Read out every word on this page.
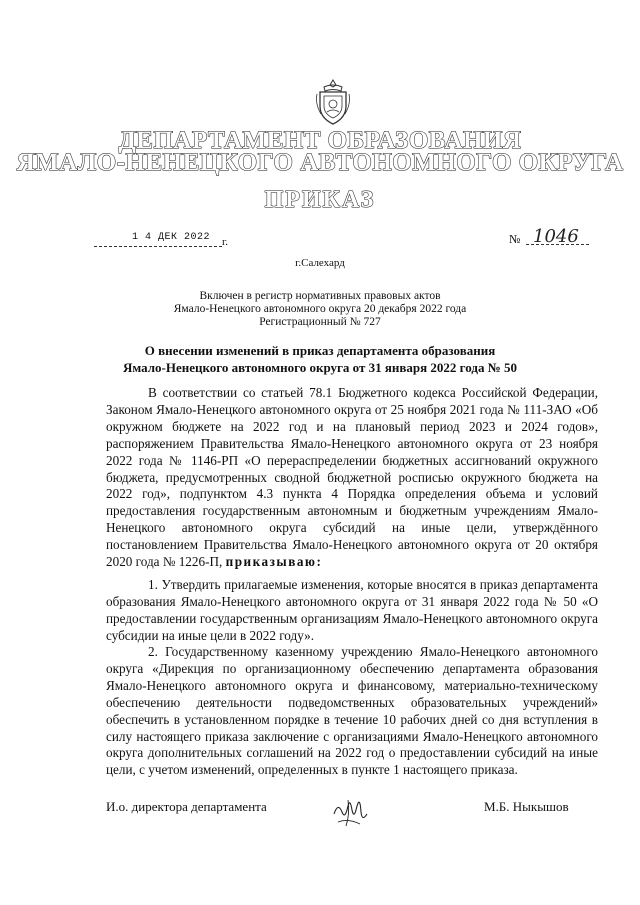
ДЕПАРТАМЕНТ ОБРАЗОВАНИЯ
ЯМАЛО-НЕНЕЦКОГО АВТОНОМНОГО ОКРУГА
ПРИКАЗ
1 4 ДЕК 2022 г.	№ 1046
г.Салехард
Включен в регистр нормативных правовых актов
Ямало-Ненецкого автономного округа 20 декабря 2022 года
Регистрационный № 727
О внесении изменений в приказ департамента образования
Ямало-Ненецкого автономного округа от 31 января 2022 года № 50
В соответствии со статьей 78.1 Бюджетного кодекса Российской Федерации, Законом Ямало-Ненецкого автономного округа от 25 ноября 2021 года № 111-ЗАО «Об окружном бюджете на 2022 год и на плановый период 2023 и 2024 годов», распоряжением Правительства Ямало-Ненецкого автономного округа от 23 ноября 2022 года № 1146-РП «О перераспределении бюджетных ассигнований окружного бюджета, предусмотренных сводной бюджетной росписью окружного бюджета на 2022 год», подпунктом 4.3 пункта 4 Порядка определения объема и условий предоставления государственным автономным и бюджетным учреждениям Ямало-Ненецкого автономного округа субсидий на иные цели, утверждённого постановлением Правительства Ямало-Ненецкого автономного округа от 20 октября 2020 года № 1226-П, приказываю:
1. Утвердить прилагаемые изменения, которые вносятся в приказ департамента образования Ямало-Ненецкого автономного округа от 31 января 2022 года № 50 «О предоставлении государственным организациям Ямало-Ненецкого автономного округа субсидии на иные цели в 2022 году».
2. Государственному казенному учреждению Ямало-Ненецкого автономного округа «Дирекция по организационному обеспечению департамента образования Ямало-Ненецкого автономного округа и финансовому, материально-техническому обеспечению деятельности подведомственных образовательных учреждений» обеспечить в установленном порядке в течение 10 рабочих дней со дня вступления в силу настоящего приказа заключение с организациями Ямало-Ненецкого автономного округа дополнительных соглашений на 2022 год о предоставлении субсидий на иные цели, с учетом изменений, определенных в пункте 1 настоящего приказа.
И.о. директора департамента	М.Б. Ныкышов
